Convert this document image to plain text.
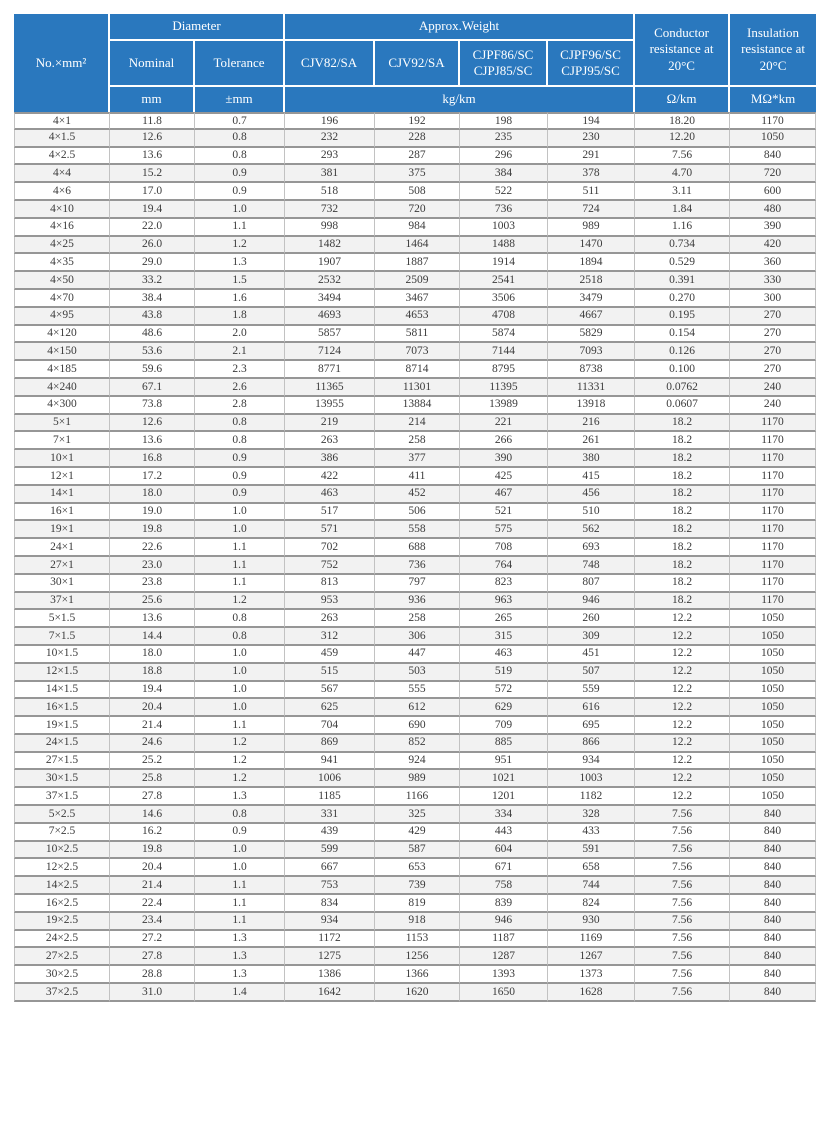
No.×mm²	Diameter		Approx.Weight				Conductor resistance at 20°C	Insulation resistance at 20°C
	Nominal	Tolerance	CJV82/SA	CJV92/SA	CJPF86/SC CJPJ85/SC	CJPF96/SC CJPJ95/SC		
	mm	±mm	kg/km				Ω/km	MΩ*km
4×1	11.8	0.7	196	192	198	194	18.20	1170
4×1.5	12.6	0.8	232	228	235	230	12.20	1050
4×2.5	13.6	0.8	293	287	296	291	7.56	840
4×4	15.2	0.9	381	375	384	378	4.70	720
4×6	17.0	0.9	518	508	522	511	3.11	600
4×10	19.4	1.0	732	720	736	724	1.84	480
4×16	22.0	1.1	998	984	1003	989	1.16	390
4×25	26.0	1.2	1482	1464	1488	1470	0.734	420
4×35	29.0	1.3	1907	1887	1914	1894	0.529	360
4×50	33.2	1.5	2532	2509	2541	2518	0.391	330
4×70	38.4	1.6	3494	3467	3506	3479	0.270	300
4×95	43.8	1.8	4693	4653	4708	4667	0.195	270
4×120	48.6	2.0	5857	5811	5874	5829	0.154	270
4×150	53.6	2.1	7124	7073	7144	7093	0.126	270
4×185	59.6	2.3	8771	8714	8795	8738	0.100	270
4×240	67.1	2.6	11365	11301	11395	11331	0.0762	240
4×300	73.8	2.8	13955	13884	13989	13918	0.0607	240
5×1	12.6	0.8	219	214	221	216	18.2	1170
7×1	13.6	0.8	263	258	266	261	18.2	1170
10×1	16.8	0.9	386	377	390	380	18.2	1170
12×1	17.2	0.9	422	411	425	415	18.2	1170
14×1	18.0	0.9	463	452	467	456	18.2	1170
16×1	19.0	1.0	517	506	521	510	18.2	1170
19×1	19.8	1.0	571	558	575	562	18.2	1170
24×1	22.6	1.1	702	688	708	693	18.2	1170
27×1	23.0	1.1	752	736	764	748	18.2	1170
30×1	23.8	1.1	813	797	823	807	18.2	1170
37×1	25.6	1.2	953	936	963	946	18.2	1170
5×1.5	13.6	0.8	263	258	265	260	12.2	1050
7×1.5	14.4	0.8	312	306	315	309	12.2	1050
10×1.5	18.0	1.0	459	447	463	451	12.2	1050
12×1.5	18.8	1.0	515	503	519	507	12.2	1050
14×1.5	19.4	1.0	567	555	572	559	12.2	1050
16×1.5	20.4	1.0	625	612	629	616	12.2	1050
19×1.5	21.4	1.1	704	690	709	695	12.2	1050
24×1.5	24.6	1.2	869	852	885	866	12.2	1050
27×1.5	25.2	1.2	941	924	951	934	12.2	1050
30×1.5	25.8	1.2	1006	989	1021	1003	12.2	1050
37×1.5	27.8	1.3	1185	1166	1201	1182	12.2	1050
5×2.5	14.6	0.8	331	325	334	328	7.56	840
7×2.5	16.2	0.9	439	429	443	433	7.56	840
10×2.5	19.8	1.0	599	587	604	591	7.56	840
12×2.5	20.4	1.0	667	653	671	658	7.56	840
14×2.5	21.4	1.1	753	739	758	744	7.56	840
16×2.5	22.4	1.1	834	819	839	824	7.56	840
19×2.5	23.4	1.1	934	918	946	930	7.56	840
24×2.5	27.2	1.3	1172	1153	1187	1169	7.56	840
27×2.5	27.8	1.3	1275	1256	1287	1267	7.56	840
30×2.5	28.8	1.3	1386	1366	1393	1373	7.56	840
37×2.5	31.0	1.4	1642	1620	1650	1628	7.56	840
